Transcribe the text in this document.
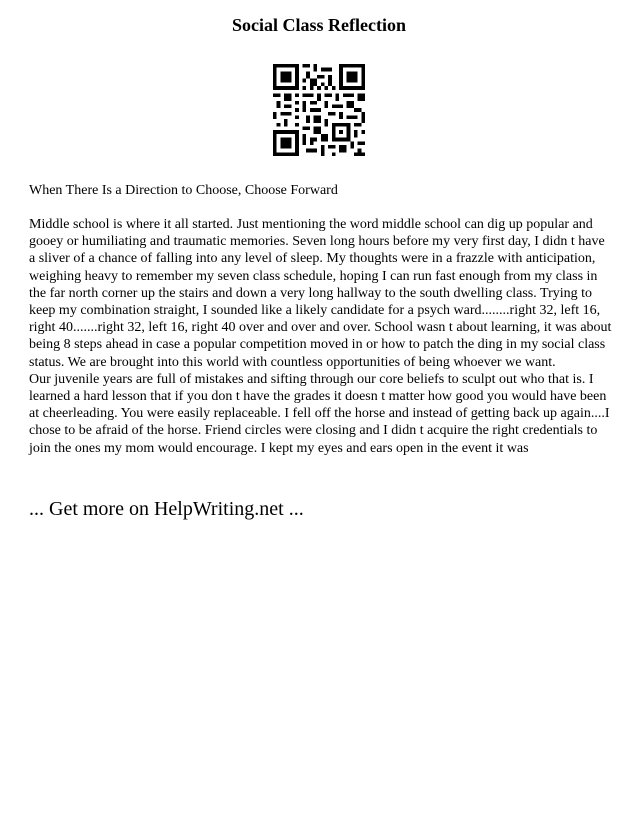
Social Class Reflection
When There Is a Direction to Choose, Choose Forward

Middle school is where it all started. Just mentioning the word middle school can dig up popular and gooey or humiliating and traumatic memories. Seven long hours before my very first day, I didn t have a sliver of a chance of falling into any level of sleep. My thoughts were in a frazzle with anticipation, weighing heavy to remember my seven class schedule, hoping I can run fast enough from my class in the far north corner up the stairs and down a very long hallway to the south dwelling class. Trying to keep my combination straight, I sounded like a likely candidate for a psych ward........right 32, left 16, right 40.......right 32, left 16, right 40 over and over and over. School wasn t about learning, it was about being 8 steps ahead in case a popular competition moved in or how to patch the ding in my social class status. We are brought into this world with countless opportunities of being whoever we want.

Our juvenile years are full of mistakes and sifting through our core beliefs to sculpt out who that is. I learned a hard lesson that if you don t have the grades it doesn t matter how good you would have been at cheerleading. You were easily replaceable. I fell off the horse and instead of getting back up again....I chose to be afraid of the horse. Friend circles were closing and I didn t acquire the right credentials to join the ones my mom would encourage. I kept my eyes and ears open in the event it was

... Get more on HelpWriting.net ...
